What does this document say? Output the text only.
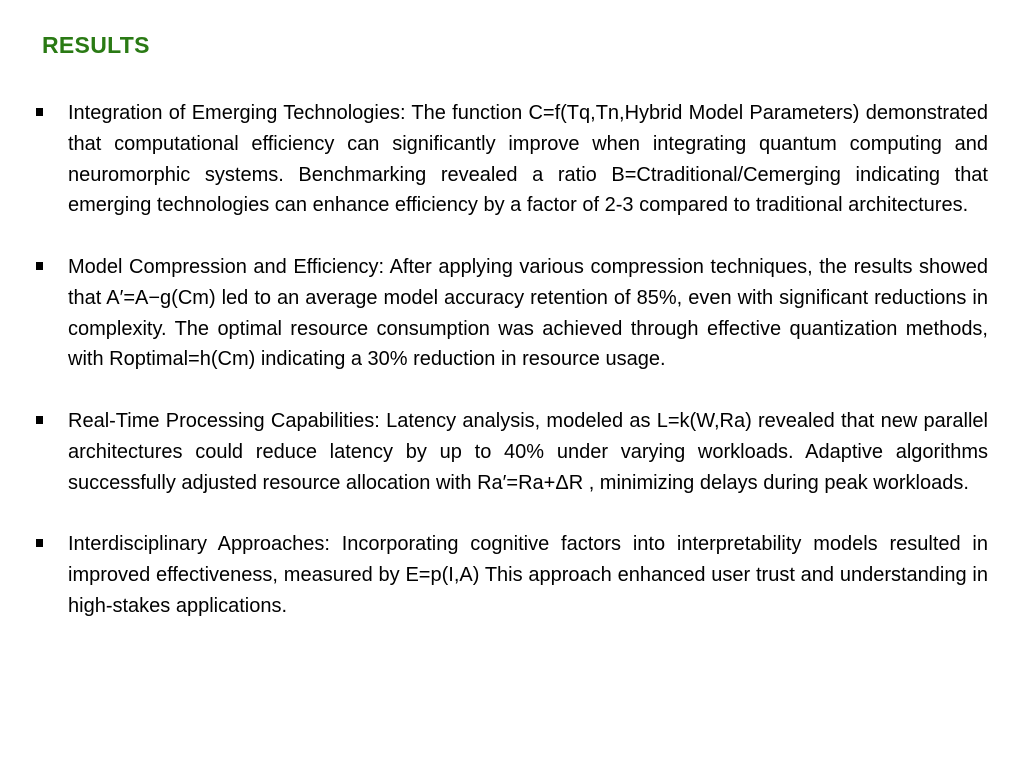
RESULTS
Integration of Emerging Technologies: The function C=f(Tq,Tn,Hybrid Model Parameters) demonstrated that computational efficiency can significantly improve when integrating quantum computing and neuromorphic systems. Benchmarking revealed a ratio B=Ctraditional/Cemerging indicating that emerging technologies can enhance efficiency by a factor of 2-3 compared to traditional architectures.
Model Compression and Efficiency: After applying various compression techniques, the results showed that A′=A−g(Cm) led to an average model accuracy retention of 85%, even with significant reductions in complexity. The optimal resource consumption was achieved through effective quantization methods, with Roptimal=h(Cm) indicating a 30% reduction in resource usage.
Real-Time Processing Capabilities: Latency analysis, modeled as L=k(W,Ra) revealed that new parallel architectures could reduce latency by up to 40% under varying workloads. Adaptive algorithms successfully adjusted resource allocation with Ra′=Ra+ΔR , minimizing delays during peak workloads.
Interdisciplinary Approaches: Incorporating cognitive factors into interpretability models resulted in improved effectiveness, measured by E=p(I,A) This approach enhanced user trust and understanding in high-stakes applications.
